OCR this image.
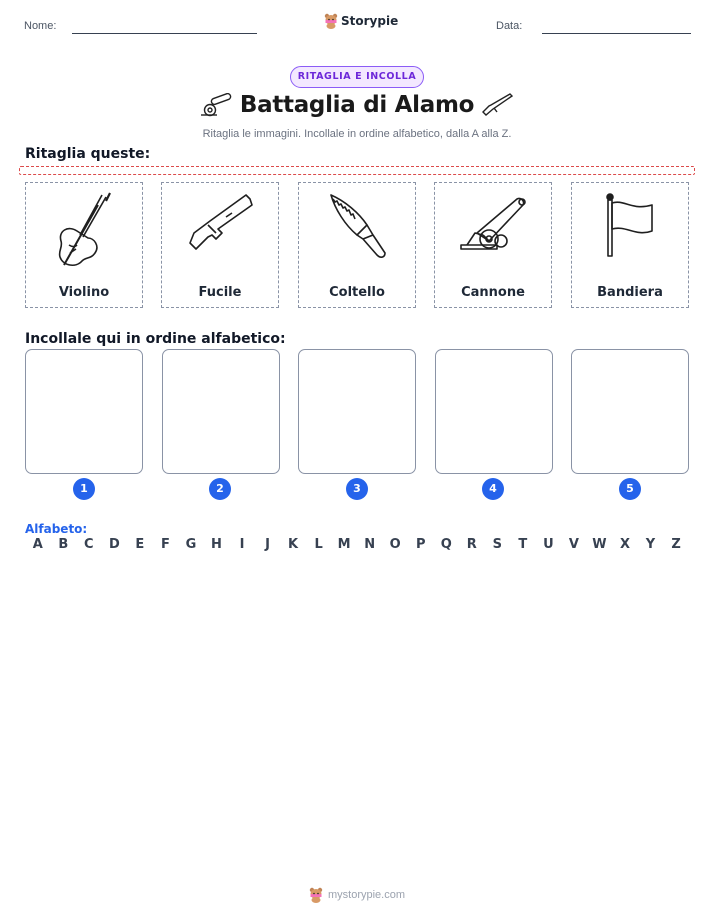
Nome:	Storypie	Data:
RITAGLIA E INCOLLA
Battaglia di Alamo
Ritaglia le immagini. Incollale in ordine alfabetico, dalla A alla Z.
Ritaglia queste:
Violino	Fucile	Coltello	Cannone	Bandiera
Incollale qui in ordine alfabetico:
1	2	3	4	5
Alfabeto:
A	B	C	D	E	F	G	H	I	J	K	L	M	N	O	P	Q	R	S	T	U	V	W	X	Y	Z
mystorypie.com
